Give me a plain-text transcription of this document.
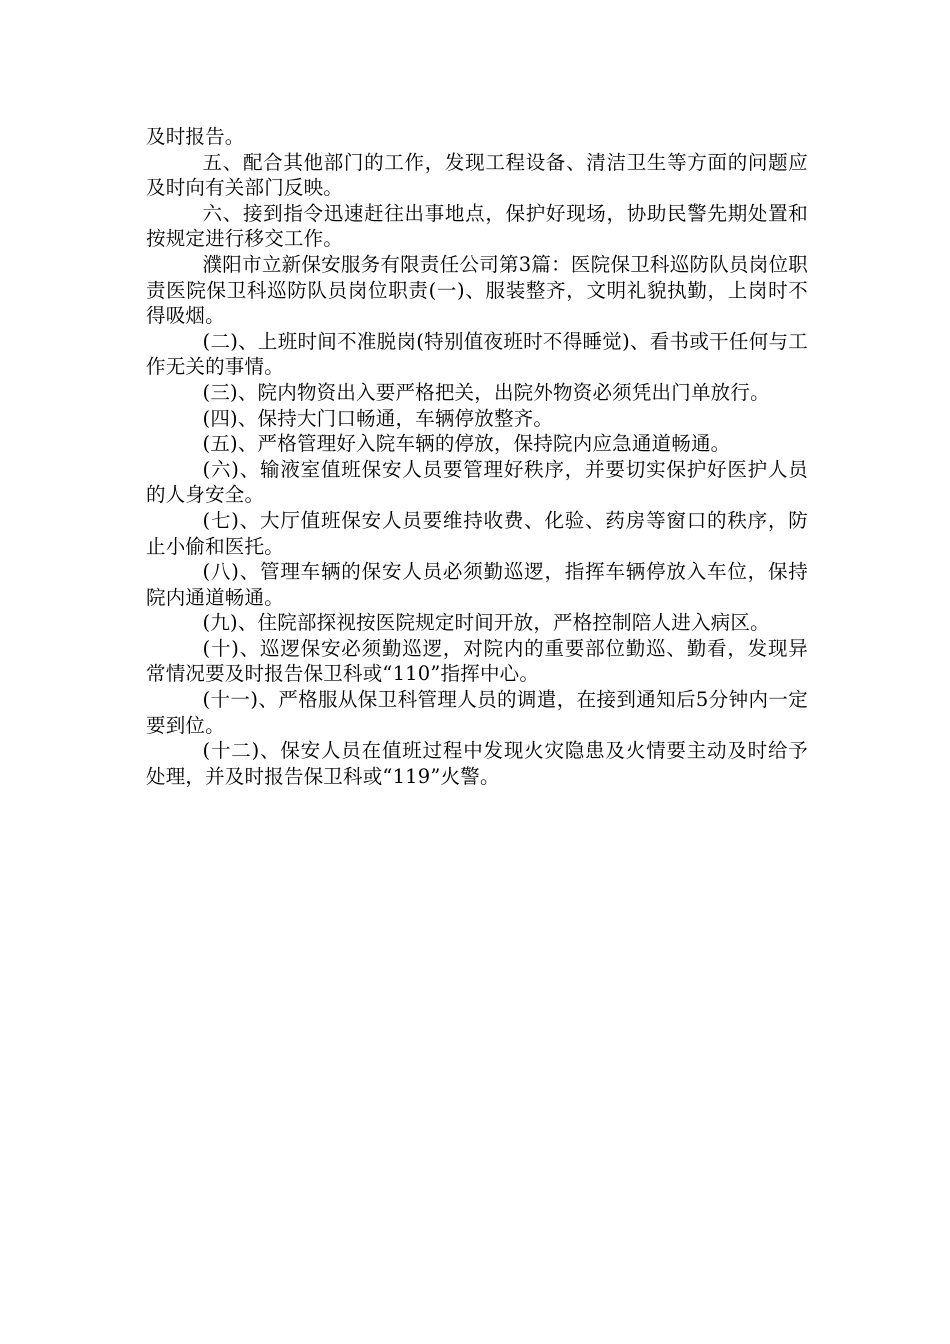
及时报告。

五、配合其他部门的工作，发现工程设备、清洁卫生等方面的问题应及时向有关部门反映。

六、接到指令迅速赶往出事地点，保护好现场，协助民警先期处置和按规定进行移交工作。

濮阳市立新保安服务有限责任公司第3篇：医院保卫科巡防队员岗位职责医院保卫科巡防队员岗位职责(一)、服装整齐，文明礼貌执勤，上岗时不得吸烟。

(二)、上班时间不准脱岗(特别值夜班时不得睡觉)、看书或干任何与工作无关的事情。

(三)、院内物资出入要严格把关，出院外物资必须凭出门单放行。

(四)、保持大门口畅通，车辆停放整齐。

(五)、严格管理好入院车辆的停放，保持院内应急通道畅通。

(六)、输液室值班保安人员要管理好秩序，并要切实保护好医护人员的人身安全。

(七)、大厅值班保安人员要维持收费、化验、药房等窗口的秩序，防止小偷和医托。

(八)、管理车辆的保安人员必须勤巡逻，指挥车辆停放入车位，保持院内通道畅通。

(九)、住院部探视按医院规定时间开放，严格控制陪人进入病区。

(十)、巡逻保安必须勤巡逻，对院内的重要部位勤巡、勤看，发现异常情况要及时报告保卫科或“110”指挥中心。

(十一)、严格服从保卫科管理人员的调遣，在接到通知后5分钟内一定要到位。

(十二)、保安人员在值班过程中发现火灾隐患及火情要主动及时给予处理，并及时报告保卫科或“119”火警。
